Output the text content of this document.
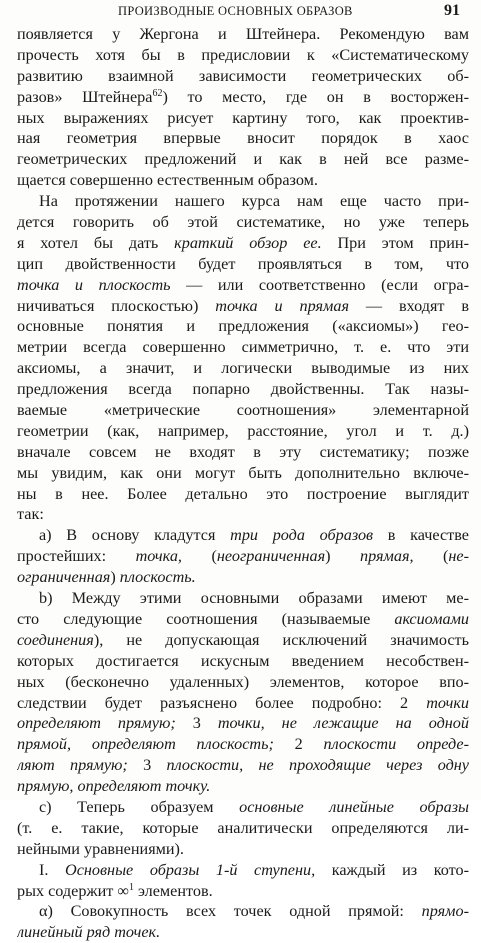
ПРОИЗВОДНЫЕ ОСНОВНЫХ ОБРАЗОВ	91
появляется у Жергона и Штейнера. Рекомендую вам
прочесть хотя бы в предисловии к «Систематическому
развитию взаимной зависимости геометрических об-
разов» Штейнера$^{62}$) то место, где он в восторжен-
ных выражениях рисует картину того, как проектив-
ная геометрия впервые вносит порядок в хаос
геометрических предложений и как в ней все разме-
щается совершенно естественным образом.
На протяжении нашего курса нам еще часто при-
дется говорить об этой систематике, но уже теперь
я хотел бы дать краткий обзор ее. При этом прин-
цип двойственности будет проявляться в том, что
точка и плоскость — или соответственно (если огра-
ничиваться плоскостью) точка и прямая — входят в
основные понятия и предложения («аксиомы») гео-
метрии всегда совершенно симметрично, т. е. что эти
аксиомы, а значит, и логически выводимые из них
предложения всегда попарно двойственны. Так назы-
ваемые «метрические соотношения» элементарной
геометрии (как, например, расстояние, угол и т. д.)
вначале совсем не входят в эту систематику; позже
мы увидим, как они могут быть дополнительно включе-
ны в нее. Более детально это построение выглядит
так:
a) В основу кладутся три рода образов в качестве
простейших: точка, (неограниченная) прямая, (не-
ограниченная) плоскость.
b) Между этими основными образами имеют ме-
сто следующие соотношения (называемые аксиомами
соединения), не допускающая исключений значимость
которых достигается искусным введением несобствен-
ных (бесконечно удаленных) элементов, которое впо-
следствии будет разъяснено более подробно: 2 точки
определяют прямую; 3 точки, не лежащие на одной
прямой, определяют плоскость; 2 плоскости опреде-
ляют прямую; 3 плоскости, не проходящие через одну
прямую, определяют точку.
c) Теперь образуем основные линейные образы
(т. е. такие, которые аналитически определяются ли-
нейными уравнениями).
I. Основные образы 1-й ступени, каждый из кото-
рых содержит ∞$^1$ элементов.
α) Совокупность всех точек одной прямой: прямо-
линейный ряд точек.
